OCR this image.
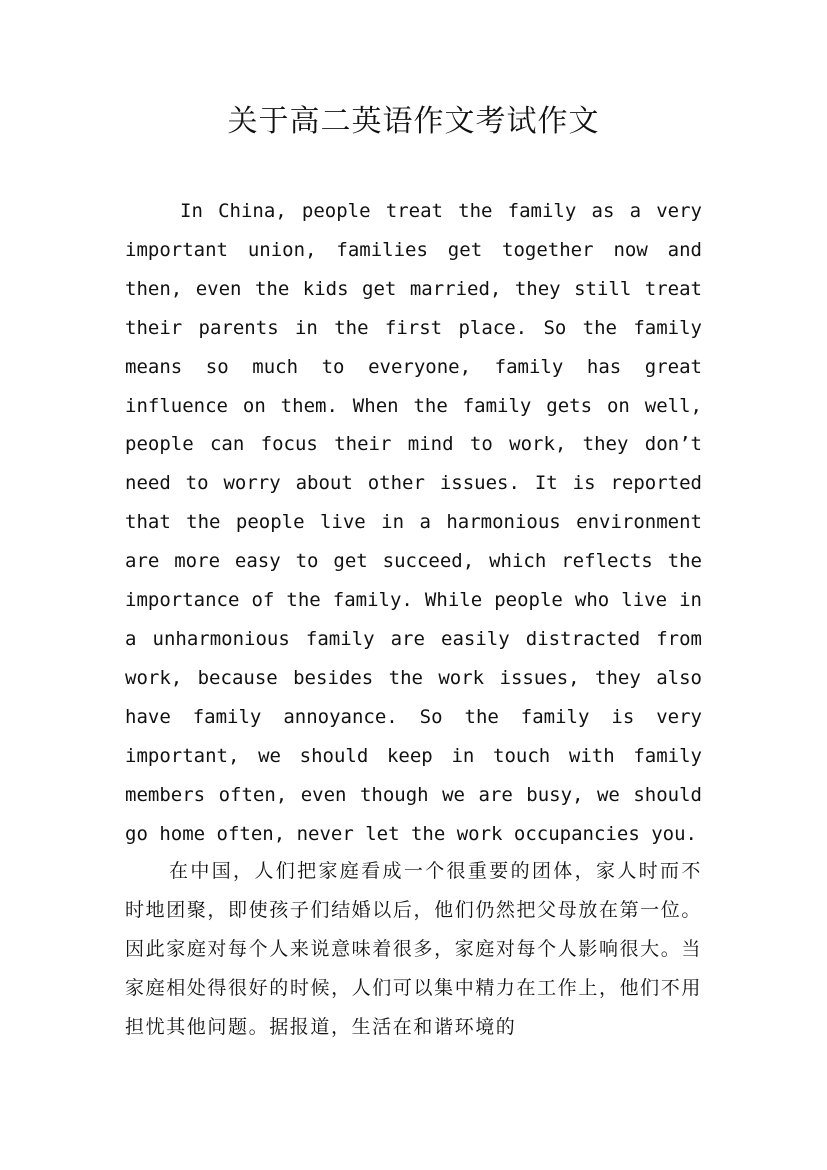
关于高二英语作文考试作文

In China, people treat the family as a very important union, families get together now and then, even the kids get married, they still treat their parents in the first place. So the family means so much to everyone, family has great influence on them. When the family gets on well, people can focus their mind to work, they don’t need to worry about other issues. It is reported that the people live in a harmonious environment are more easy to get succeed, which reflects the importance of the family. While people who live in a unharmonious family are easily distracted from work, because besides the work issues, they also have family annoyance. So the family is very important, we should keep in touch with family members often, even though we are busy, we should go home often, never let the work occupancies you.

在中国，人们把家庭看成一个很重要的团体，家人时而不时地团聚，即使孩子们结婚以后，他们仍然把父母放在第一位。因此家庭对每个人来说意味着很多，家庭对每个人影响很大。当家庭相处得很好的时候，人们可以集中精力在工作上，他们不用担忧其他问题。据报道，生活在和谐环境的
